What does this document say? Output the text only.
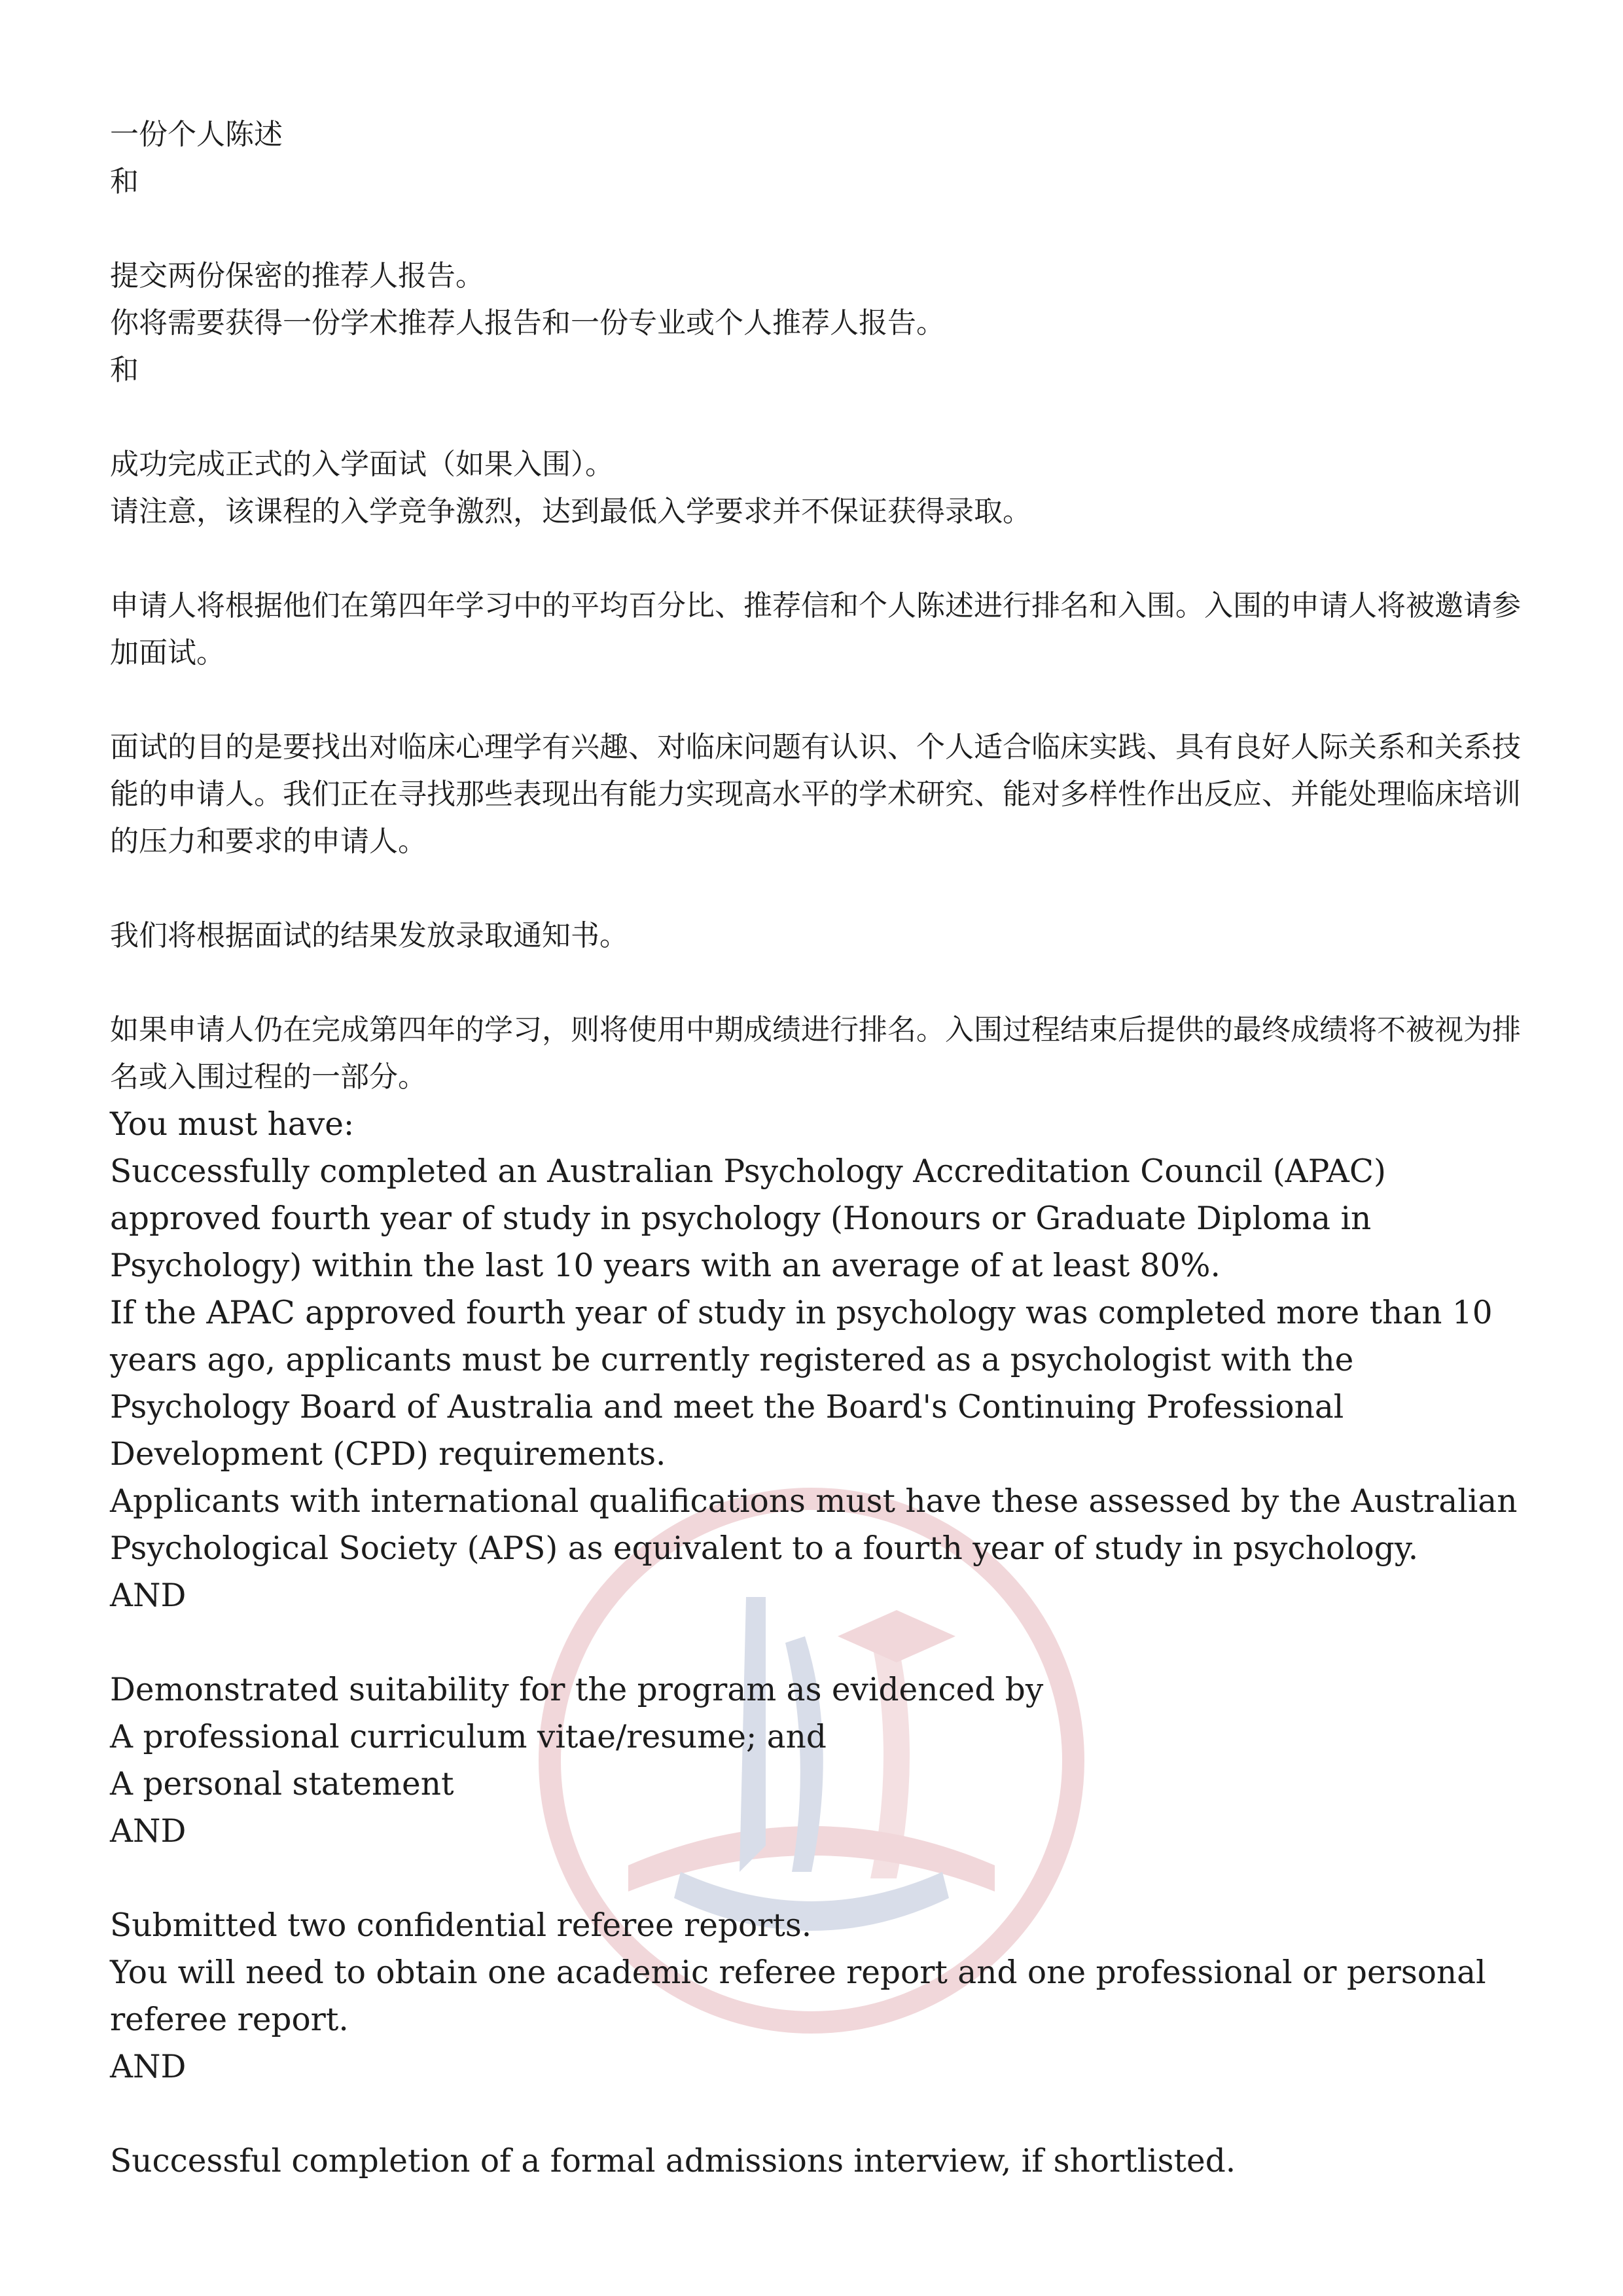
一份个人陈述
和
提交两份保密的推荐人报告。
你将需要获得一份学术推荐人报告和一份专业或个人推荐人报告。
和
成功完成正式的入学面试（如果入围）。
请注意，该课程的入学竞争激烈，达到最低入学要求并不保证获得录取。
申请人将根据他们在第四年学习中的平均百分比、推荐信和个人陈述进行排名和入围。入围的申请人将被邀请参加面试。
面试的目的是要找出对临床心理学有兴趣、对临床问题有认识、个人适合临床实践、具有良好人际关系和关系技能的申请人。我们正在寻找那些表现出有能力实现高水平的学术研究、能对多样性作出反应、并能处理临床培训的压力和要求的申请人。
我们将根据面试的结果发放录取通知书。
如果申请人仍在完成第四年的学习，则将使用中期成绩进行排名。入围过程结束后提供的最终成绩将不被视为排名或入围过程的一部分。
You must have:
Successfully completed an Australian Psychology Accreditation Council (APAC) approved fourth year of study in psychology (Honours or Graduate Diploma in Psychology) within the last 10 years with an average of at least 80%.
If the APAC approved fourth year of study in psychology was completed more than 10 years ago, applicants must be currently registered as a psychologist with the Psychology Board of Australia and meet the Board's Continuing Professional Development (CPD) requirements.
Applicants with international qualifications must have these assessed by the Australian Psychological Society (APS) as equivalent to a fourth year of study in psychology.
AND
Demonstrated suitability for the program as evidenced by
A professional curriculum vitae/resume; and
A personal statement
AND
Submitted two confidential referee reports.
You will need to obtain one academic referee report and one professional or personal referee report.
AND
Successful completion of a formal admissions interview, if shortlisted.
